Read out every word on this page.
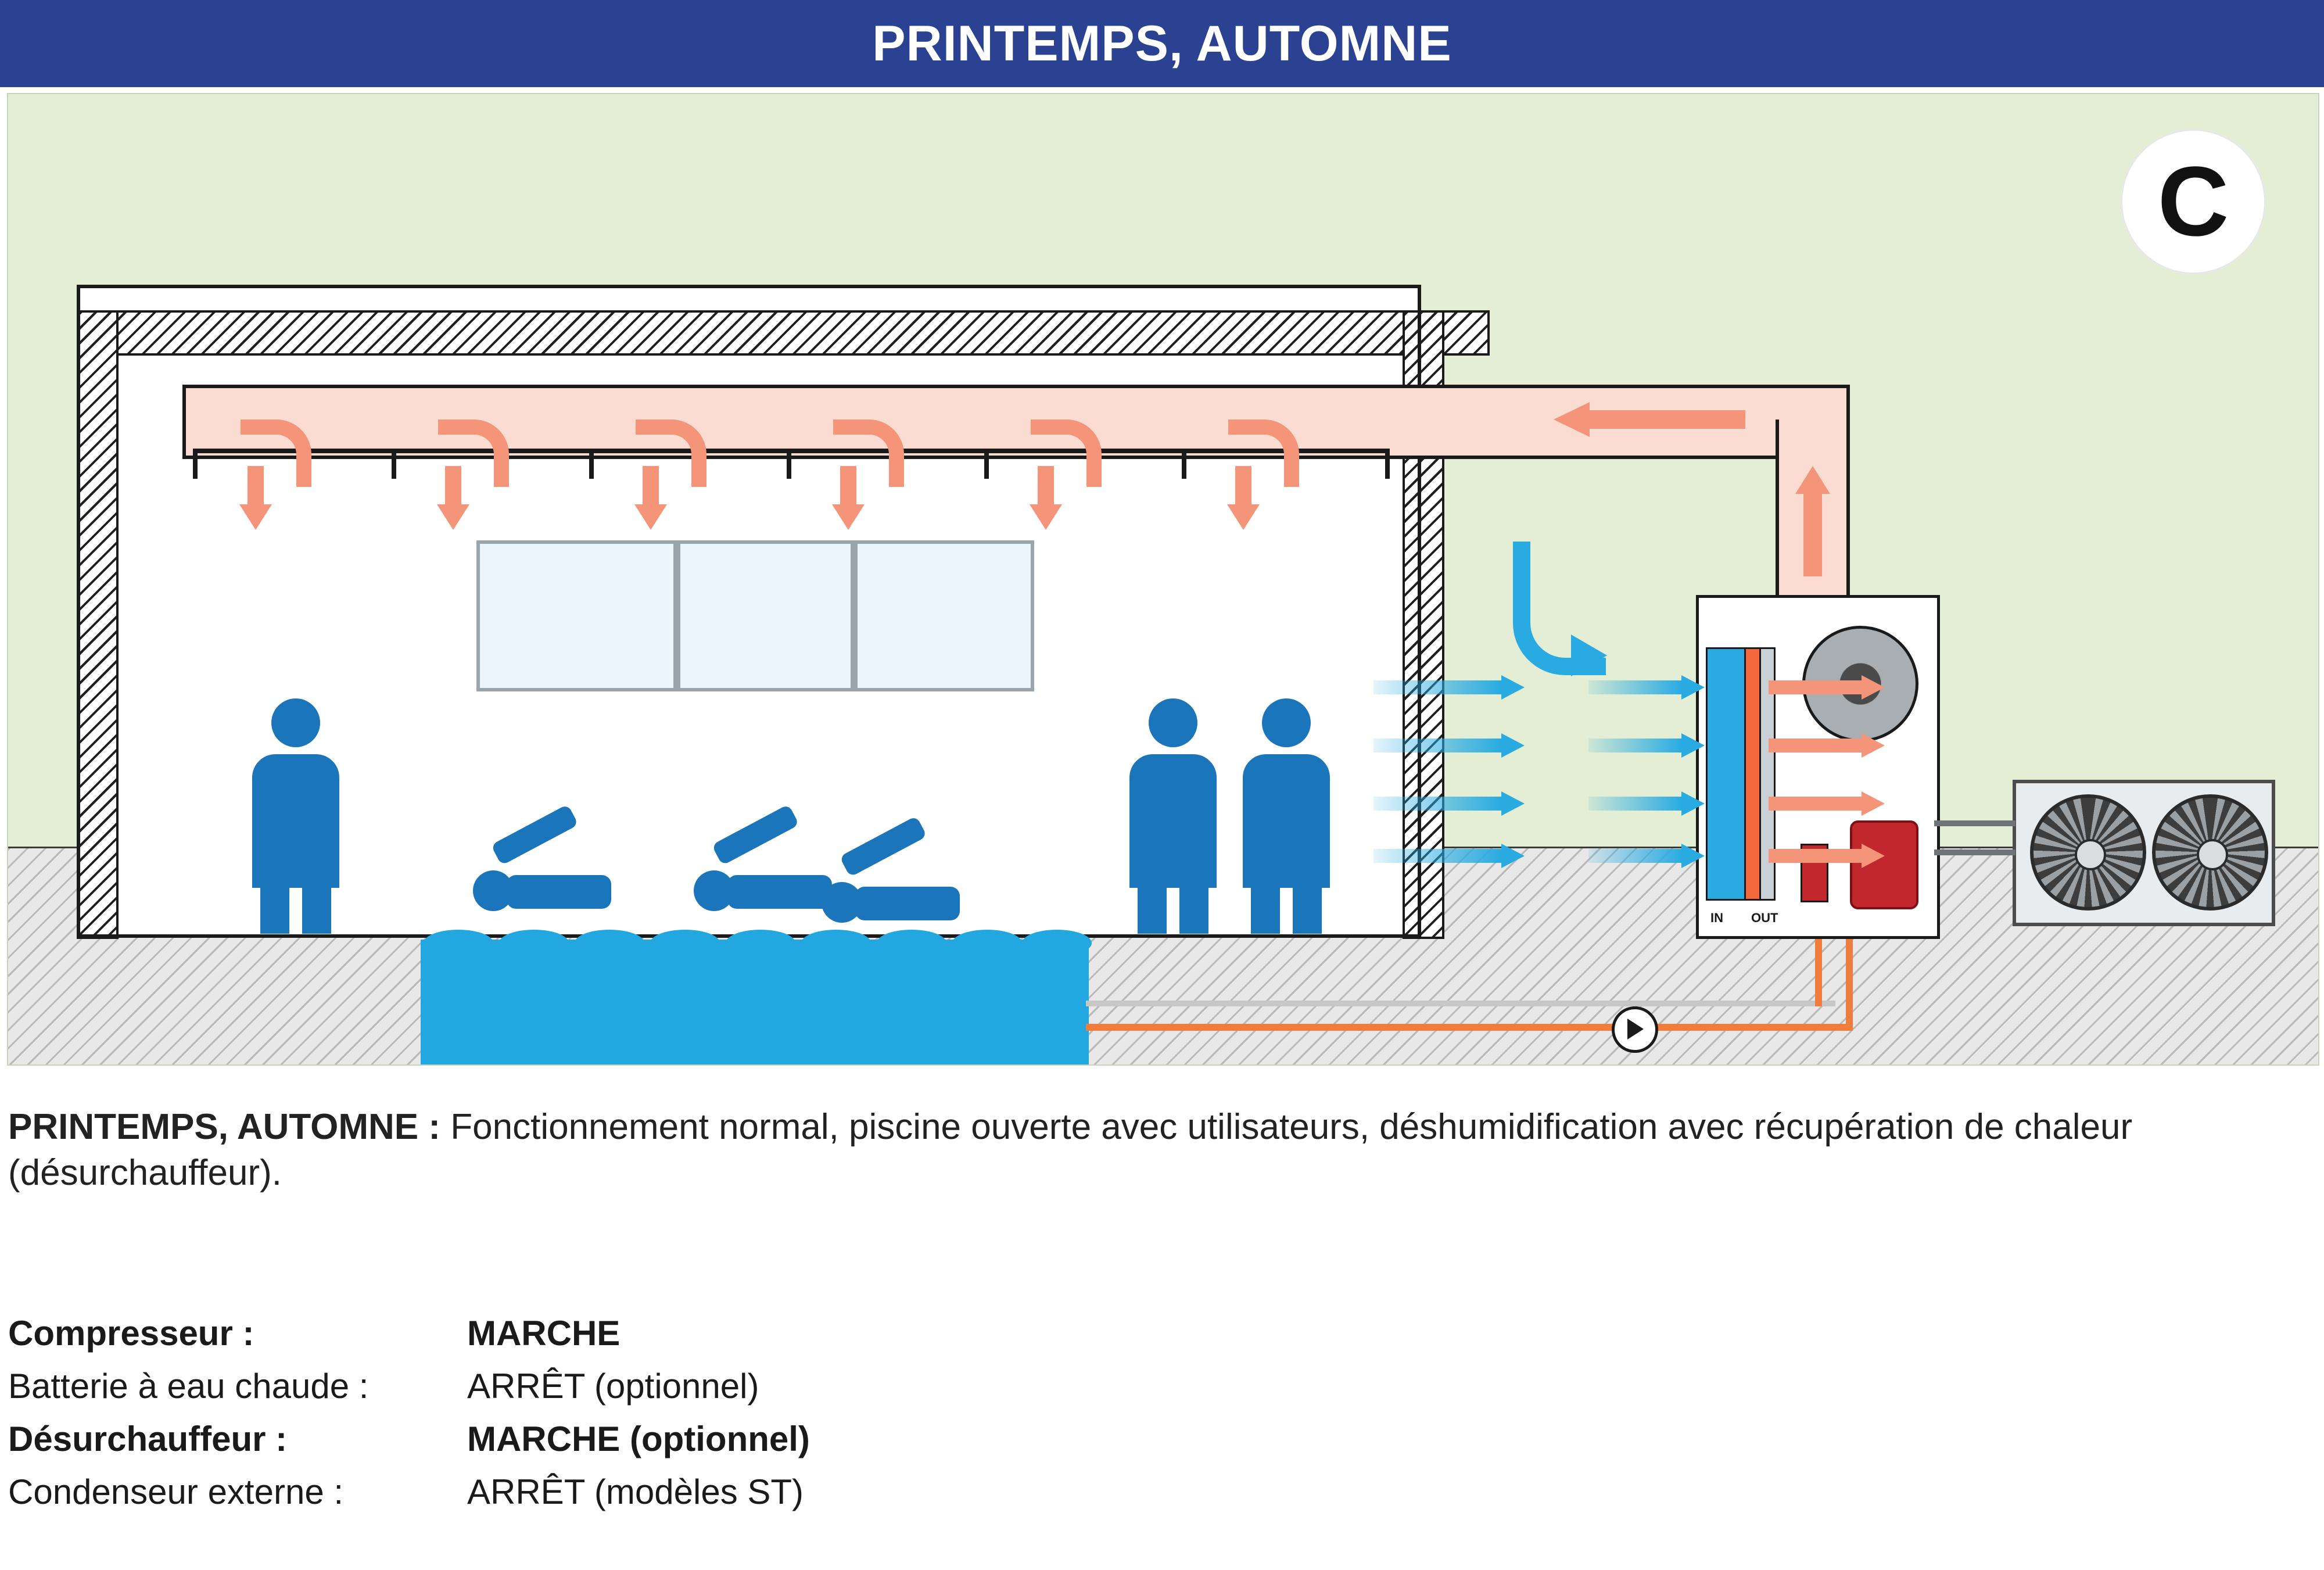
PRINTEMPS, AUTOMNE
IN OUT
C
PRINTEMPS, AUTOMNE : Fonctionnement normal, piscine ouverte avec utilisateurs, déshumidification avec récupération de chaleur (désurchauffeur).
Compresseur :	MARCHE
Batterie à eau chaude :	ARRÊT (optionnel)
Désurchauffeur :	MARCHE (optionnel)
Condenseur externe :	ARRÊT (modèles ST)
